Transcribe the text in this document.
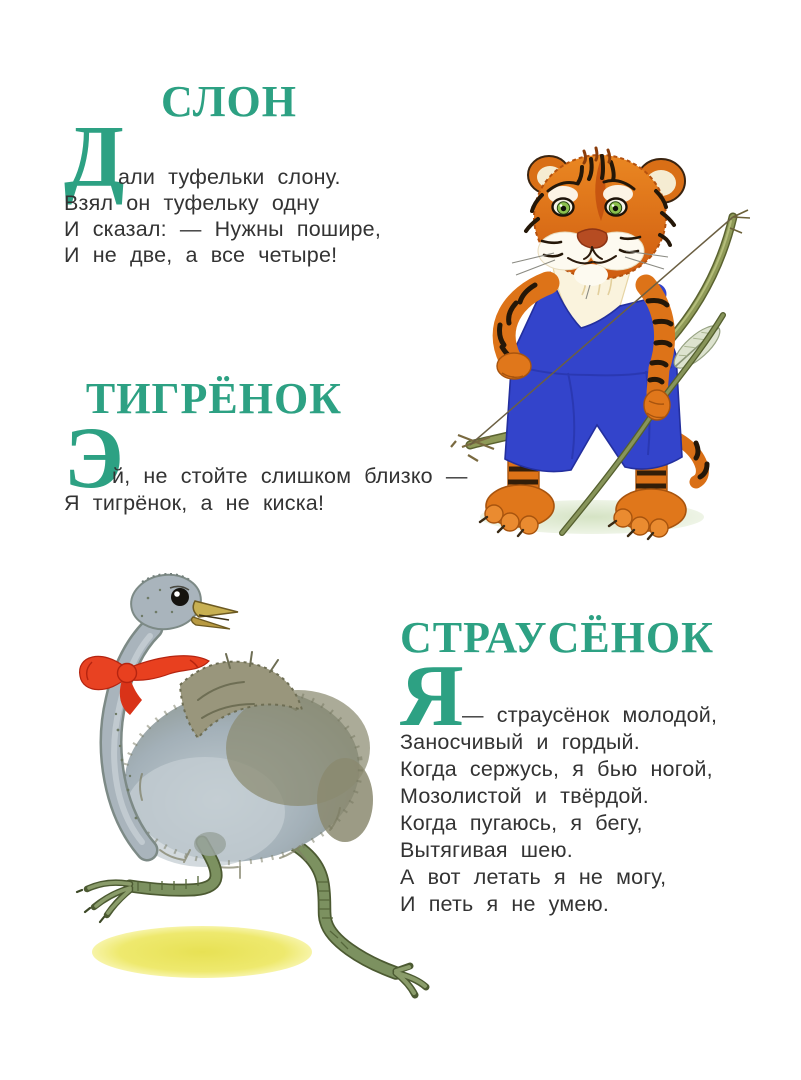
СЛОН
Д
али туфельки слону.
Взял он туфельку одну
И сказал: — Нужны пошире,
И не две, а все четыре!
ТИГРЁНОК
Э
й, не стойте слишком близко —
Я тигрёнок, а не киска!
СТРАУСЁНОК
Я
— страусёнок молодой,
Заносчивый и гордый.
Когда сержусь, я бью ногой,
Мозолистой и твёрдой.
Когда пугаюсь, я бегу,
Вытягивая шею.
А вот летать я не могу,
И петь я не умею.
